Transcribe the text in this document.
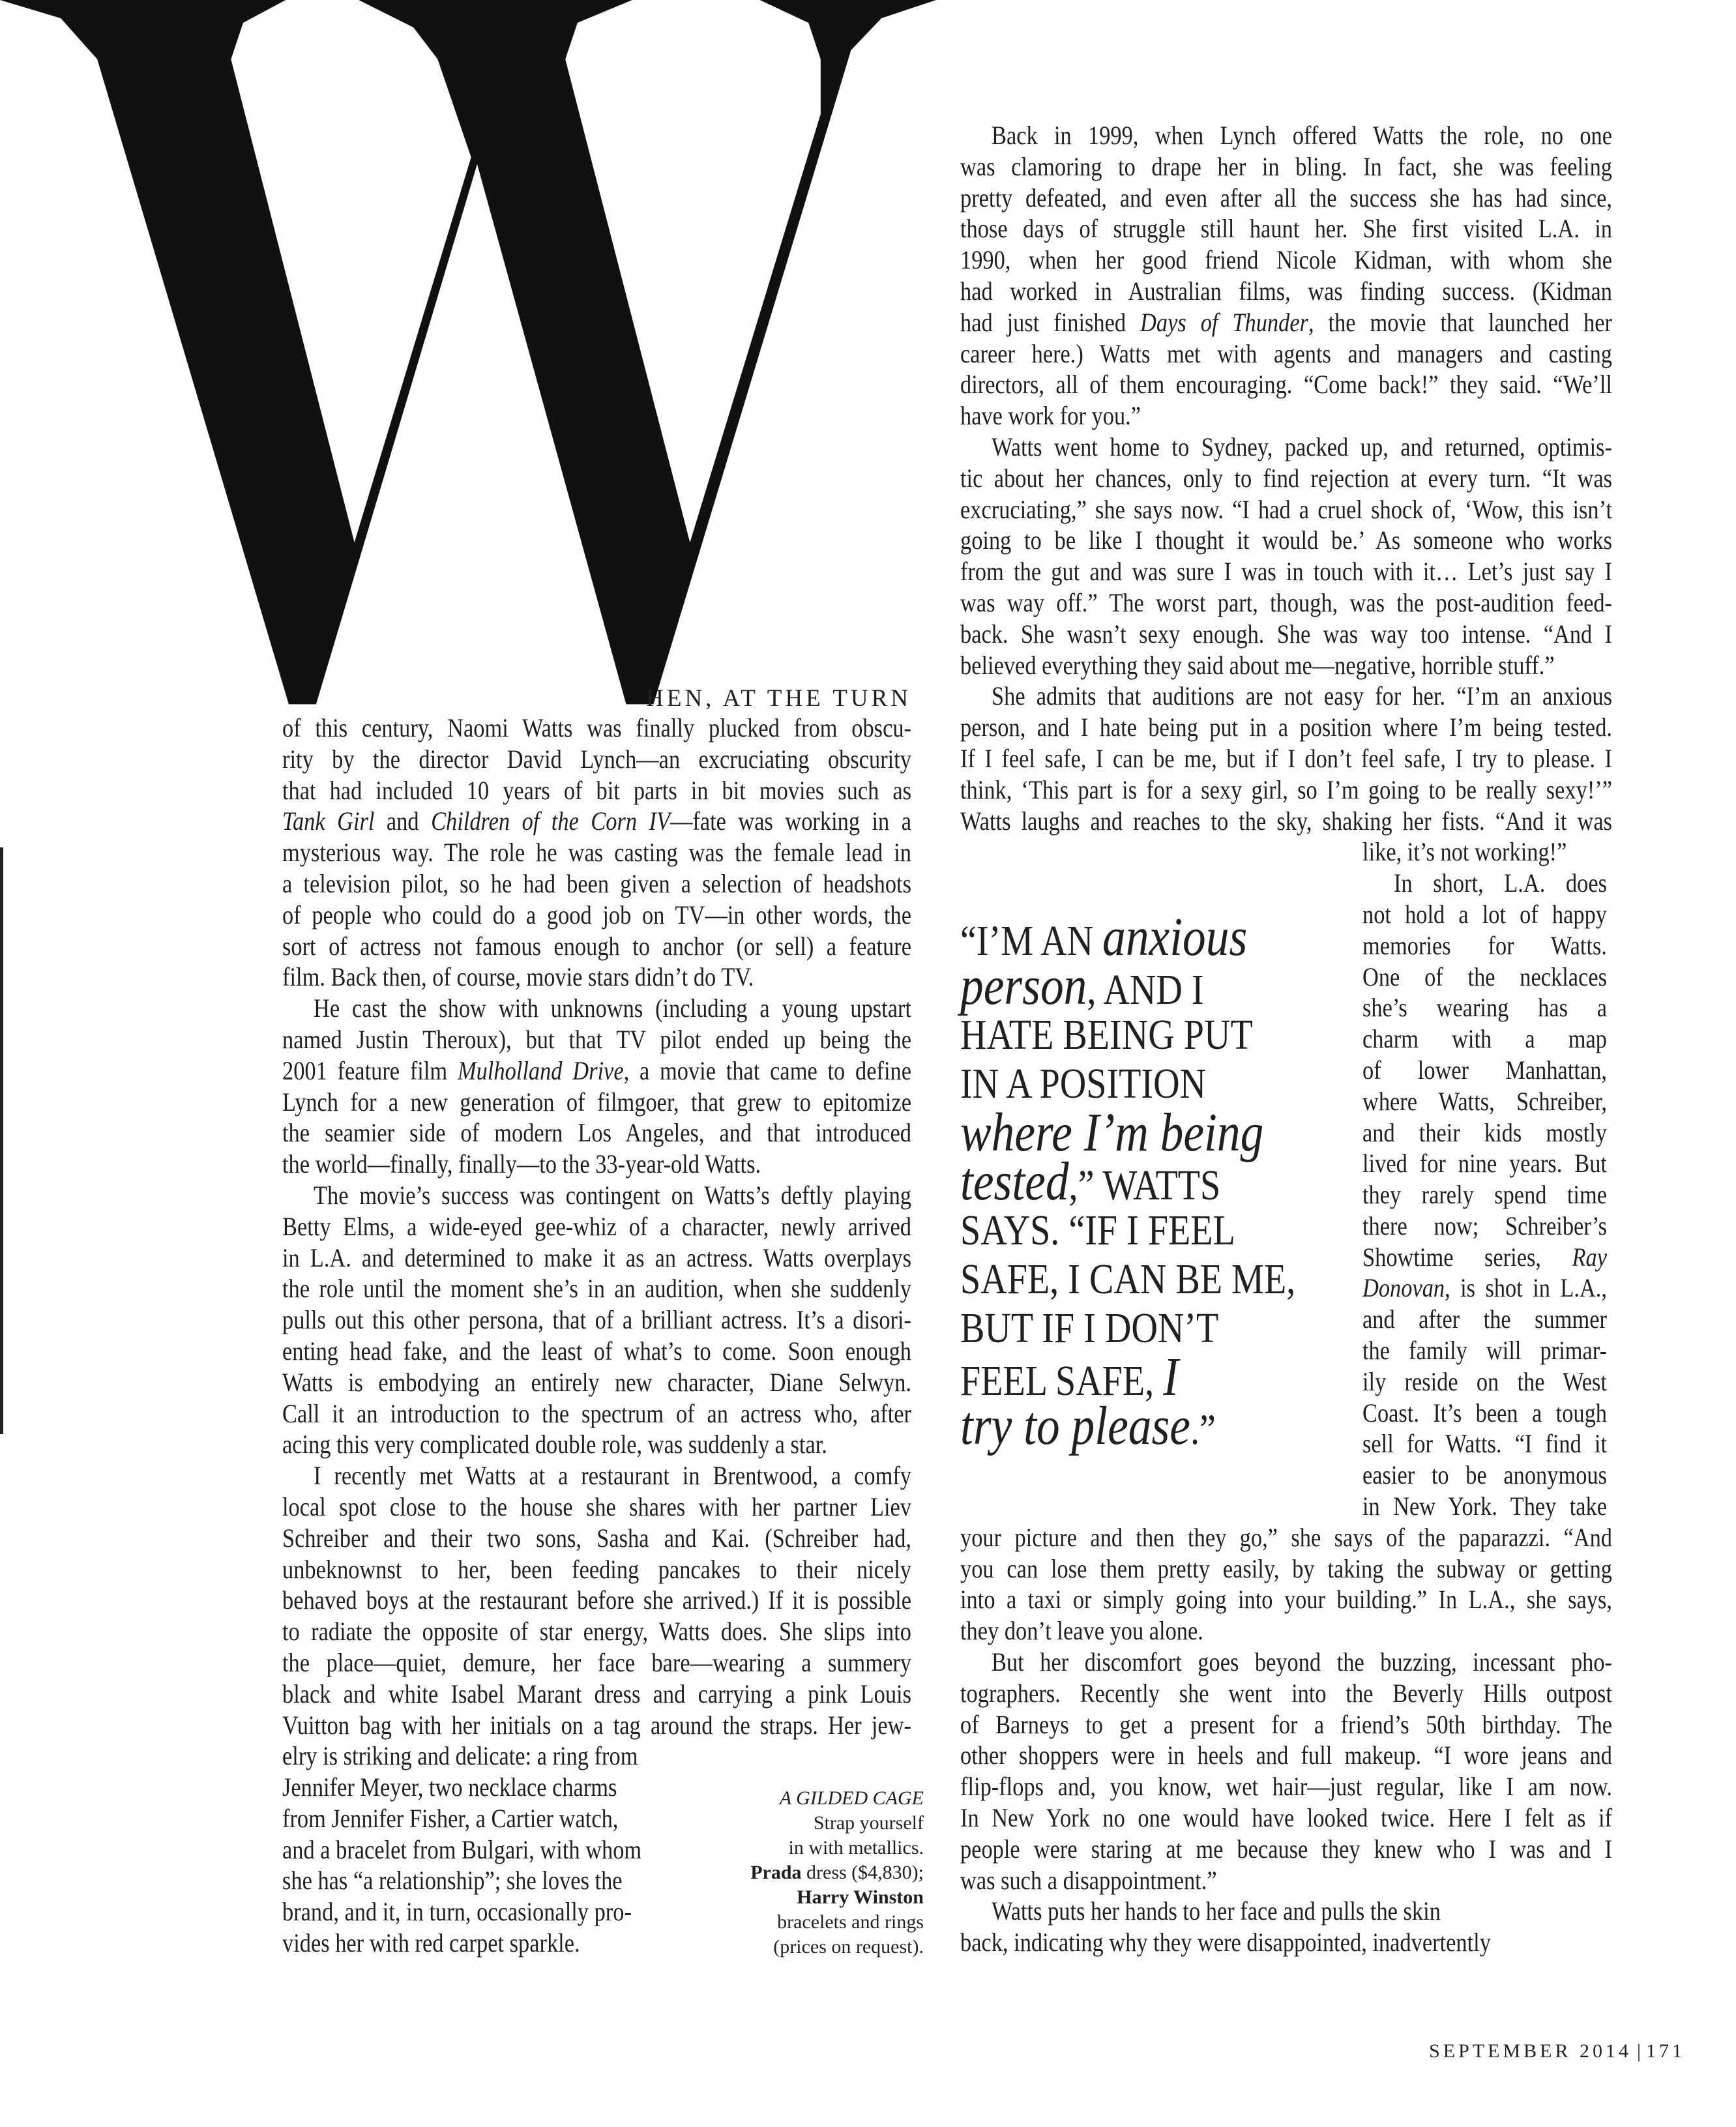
HEN, AT THE TURN
of this century, Naomi Watts was finally plucked from obscu-
rity by the director David Lynch—an excruciating obscurity
that had included 10 years of bit parts in bit movies such as
Tank Girl and Children of the Corn IV—fate was working in a
mysterious way. The role he was casting was the female lead in
a television pilot, so he had been given a selection of headshots
of people who could do a good job on TV—in other words, the
sort of actress not famous enough to anchor (or sell) a feature
film. Back then, of course, movie stars didn’t do TV.
He cast the show with unknowns (including a young upstart
named Justin Theroux), but that TV pilot ended up being the
2001 feature film Mulholland Drive, a movie that came to define
Lynch for a new generation of filmgoer, that grew to epitomize
the seamier side of modern Los Angeles, and that introduced
the world—finally, finally—to the 33-year-old Watts.
The movie’s success was contingent on Watts’s deftly playing
Betty Elms, a wide-eyed gee-whiz of a character, newly arrived
in L.A. and determined to make it as an actress. Watts overplays
the role until the moment she’s in an audition, when she suddenly
pulls out this other persona, that of a brilliant actress. It’s a disori-
enting head fake, and the least of what’s to come. Soon enough
Watts is embodying an entirely new character, Diane Selwyn.
Call it an introduction to the spectrum of an actress who, after
acing this very complicated double role, was suddenly a star.
I recently met Watts at a restaurant in Brentwood, a comfy
local spot close to the house she shares with her partner Liev
Schreiber and their two sons, Sasha and Kai. (Schreiber had,
unbeknownst to her, been feeding pancakes to their nicely
behaved boys at the restaurant before she arrived.) If it is possible
to radiate the opposite of star energy, Watts does. She slips into
the place—quiet, demure, her face bare—wearing a summery
black and white Isabel Marant dress and carrying a pink Louis
Vuitton bag with her initials on a tag around the straps. Her jew-
elry is striking and delicate: a ring from
Jennifer Meyer, two necklace charms
from Jennifer Fisher, a Cartier watch,
and a bracelet from Bulgari, with whom
she has “a relationship”; she loves the
brand, and it, in turn, occasionally pro-
vides her with red carpet sparkle.
Back in 1999, when Lynch offered Watts the role, no one
was clamoring to drape her in bling. In fact, she was feeling
pretty defeated, and even after all the success she has had since,
those days of struggle still haunt her. She first visited L.A. in
1990, when her good friend Nicole Kidman, with whom she
had worked in Australian films, was finding success. (Kidman
had just finished Days of Thunder, the movie that launched her
career here.) Watts met with agents and managers and casting
directors, all of them encouraging. “Come back!” they said. “We’ll
have work for you.”
Watts went home to Sydney, packed up, and returned, optimis-
tic about her chances, only to find rejection at every turn. “It was
excruciating,” she says now. “I had a cruel shock of, ‘Wow, this isn’t
going to be like I thought it would be.’ As someone who works
from the gut and was sure I was in touch with it… Let’s just say I
was way off.” The worst part, though, was the post-audition feed-
back. She wasn’t sexy enough. She was way too intense. “And I
believed everything they said about me—negative, horrible stuff.”
She admits that auditions are not easy for her. “I’m an anxious
person, and I hate being put in a position where I’m being tested.
If I feel safe, I can be me, but if I don’t feel safe, I try to please. I
think, ‘This part is for a sexy girl, so I’m going to be really sexy!’”
Watts laughs and reaches to the sky, shaking her fists. “And it was
like, it’s not working!”
In short, L.A. does
not hold a lot of happy
memories for Watts.
One of the necklaces
she’s wearing has a
charm with a map
of lower Manhattan,
where Watts, Schreiber,
and their kids mostly
lived for nine years. But
they rarely spend time
there now; Schreiber’s
Showtime series, Ray
Donovan, is shot in L.A.,
and after the summer
the family will primar-
ily reside on the West
Coast. It’s been a tough
sell for Watts. “I find it
easier to be anonymous
in New York. They take
your picture and then they go,” she says of the paparazzi. “And
you can lose them pretty easily, by taking the subway or getting
into a taxi or simply going into your building.” In L.A., she says,
they don’t leave you alone.
But her discomfort goes beyond the buzzing, incessant pho-
tographers. Recently she went into the Beverly Hills outpost
of Barneys to get a present for a friend’s 50th birthday. The
other shoppers were in heels and full makeup. “I wore jeans and
flip-flops and, you know, wet hair—just regular, like I am now.
In New York no one would have looked twice. Here I felt as if
people were staring at me because they knew who I was and I
was such a disappointment.”
Watts puts her hands to her face and pulls the skin
back, indicating why they were disappointed, inadvertently
“I’M AN anxious
person, AND I
HATE BEING PUT
IN A POSITION
where I’m being
tested,” WATTS
SAYS. “IF I FEEL
SAFE, I CAN BE ME,
BUT IF I DON’T
FEEL SAFE, I
try to please.”
A GILDED CAGE
Strap yourself
in with metallics.
Prada dress ($4,830);
Harry Winston
bracelets and rings
(prices on request).
SEPTEMBER 2014 | 171
